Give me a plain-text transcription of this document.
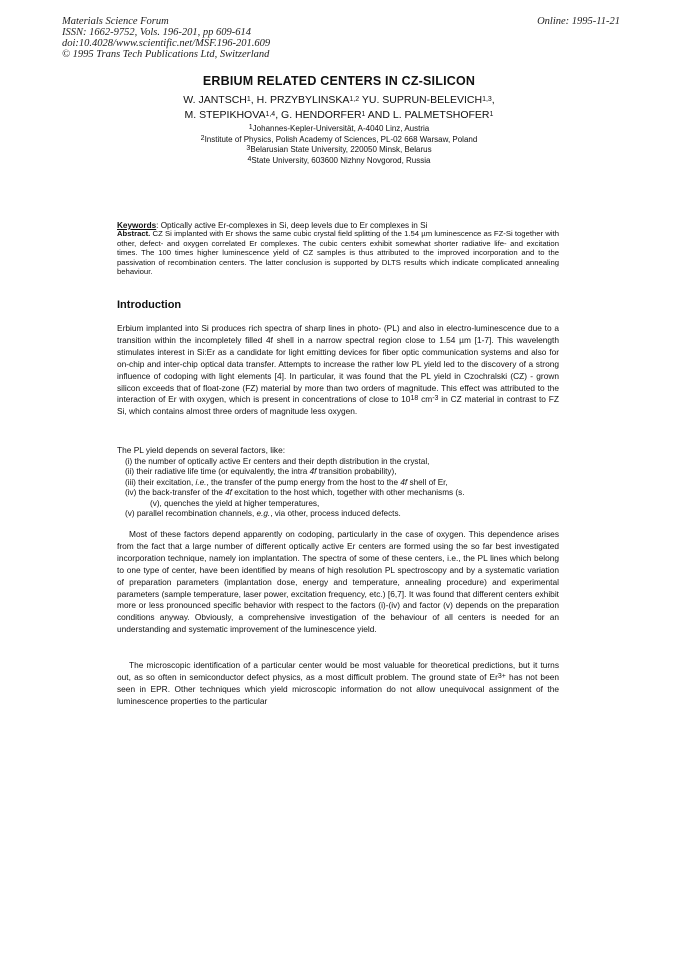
Materials Science Forum
ISSN: 1662-9752, Vols. 196-201, pp 609-614
doi:10.4028/www.scientific.net/MSF.196-201.609
© 1995 Trans Tech Publications Ltd, Switzerland
Online: 1995-11-21
ERBIUM RELATED CENTERS IN CZ-SILICON
W. JANTSCH$^1$, H. PRZYBYLINSKA$^{1,2}$ YU. SUPRUN-BELEVICH$^{1,3}$,
M. STEPIKHOVA$^{1,4}$, G. HENDORFER$^1$ AND L. PALMETSHOFER$^1$
$^1$Johannes-Kepler-Universität, A-4040 Linz, Austria
$^2$Institute of Physics, Polish Academy of Sciences, PL-02 668 Warsaw, Poland
$^3$Belarusian State University, 220050 Minsk, Belarus
$^4$State University, 603600 Nizhny Novgorod, Russia
Keywords: Optically active Er-complexes in Si, deep levels due to Er complexes in Si
Abstract. CZ Si implanted with Er shows the same cubic crystal field splitting of the 1.54 µm luminescence as FZ-Si together with other, defect- and oxygen correlated Er complexes. The cubic centers exhibit somewhat shorter radiative life- and excitation times. The 100 times higher luminescence yield of CZ samples is thus attributed to the improved incorporation and to the passivation of recombination centers. The latter conclusion is supported by DLTS results which indicate complicated annealing behaviour.
Introduction
Erbium implanted into Si produces rich spectra of sharp lines in photo- (PL) and also in electro-luminescence due to a transition within the incompletely filled 4f shell in a narrow spectral region close to 1.54 µm [1-7]. This wavelength stimulates interest in Si:Er as a candidate for light emitting devices for fiber optic communication systems and also for on-chip and inter-chip optical data transfer. Attempts to increase the rather low PL yield led to the discovery of a strong influence of codoping with light elements [4]. In particular, it was found that the PL yield in Czochralski (CZ) - grown silicon exceeds that of float-zone (FZ) material by more than two orders of magnitude. This effect was attributed to the interaction of Er with oxygen, which is present in concentrations of close to $10^{18}$ $cm^{-3}$ in CZ material in contrast to FZ Si, which contains almost three orders of magnitude less oxygen.
The PL yield depends on several factors, like:
(i) the number of optically active Er centers and their depth distribution in the crystal,
(ii) their radiative life time (or equivalently, the intra 4f transition probability),
(iii) their excitation, i.e., the transfer of the pump energy from the host to the 4f shell of Er,
(iv) the back-transfer of the 4f excitation to the host which, together with other mechanisms (s.
(v), quenches the yield at higher temperatures,
(v) parallel recombination channels, e.g., via other, process induced defects.
Most of these factors depend apparently on codoping, particularly in the case of oxygen. This dependence arises from the fact that a large number of different optically active Er centers are formed using the so far best investigated incorporation technique, namely ion implantation. The spectra of some of these centers, i.e., the PL lines which belong to one type of center, have been identified by means of high resolution PL spectroscopy and by a systematic variation of preparation parameters (implantation dose, energy and temperature, annealing procedure) and experimental parameters (sample temperature, laser power, excitation frequency, etc.) [6,7]. It was found that different centers exhibit more or less pronounced specific behavior with respect to the factors (i)-(iv) and factor (v) depends on the preparation conditions anyway. Obviously, a comprehensive investigation of the behaviour of all centers is needed for an understanding and systematic improvement of the luminescence yield.
The microscopic identification of a particular center would be most valuable for theoretical predictions, but it turns out, as so often in semiconductor defect physics, as a most difficult problem. The ground state of $Er^{3+}$ has not been seen in EPR. Other techniques which yield microscopic information do not allow unequivocal assignment of the luminescence properties to the particular
